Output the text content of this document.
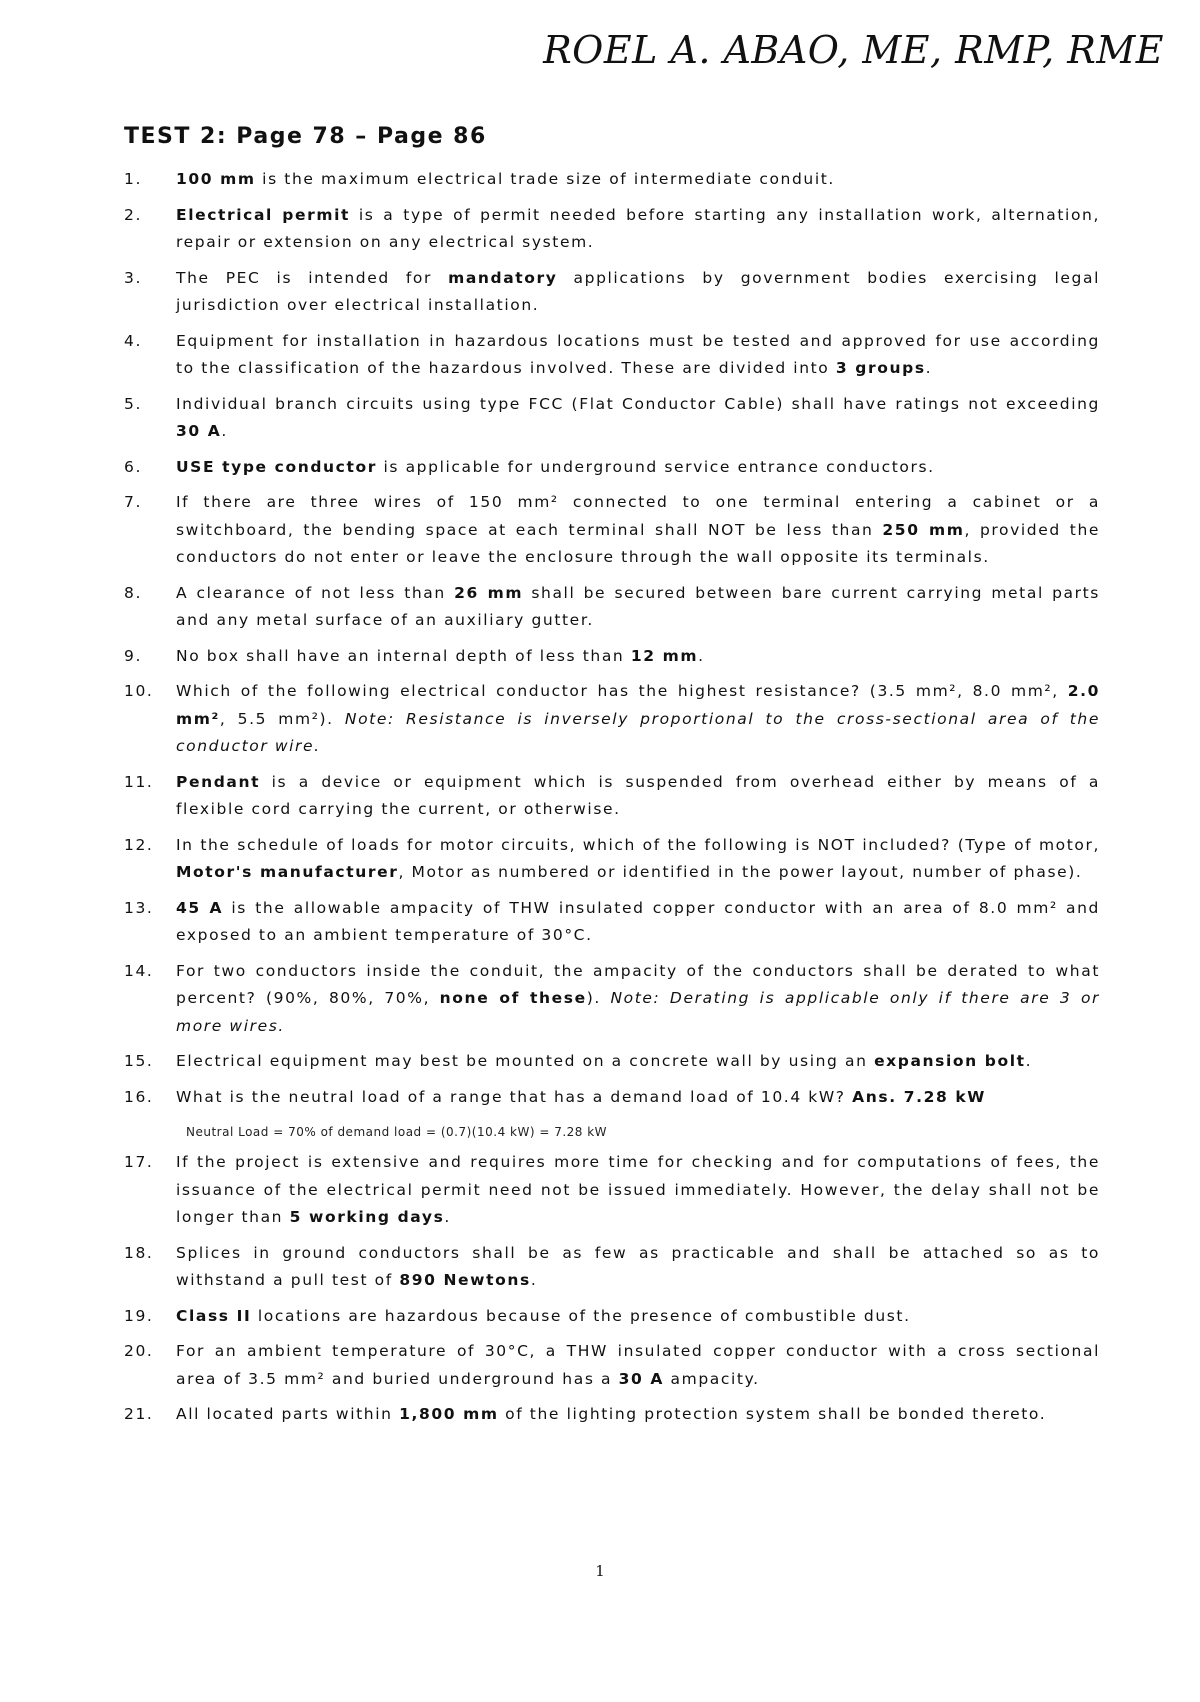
ROEL A. ABAO, ME, RMP, RME
TEST 2: Page 78 – Page 86
1.	100 mm is the maximum electrical trade size of intermediate conduit.
2.	Electrical permit is a type of permit needed before starting any installation work, alternation, repair or extension on any electrical system.
3.	The PEC is intended for mandatory applications by government bodies exercising legal jurisdiction over electrical installation.
4.	Equipment for installation in hazardous locations must be tested and approved for use according to the classification of the hazardous involved. These are divided into 3 groups.
5.	Individual branch circuits using type FCC (Flat Conductor Cable) shall have ratings not exceeding 30 A.
6.	USE type conductor is applicable for underground service entrance conductors.
7.	If there are three wires of 150 mm² connected to one terminal entering a cabinet or a switchboard, the bending space at each terminal shall NOT be less than 250 mm, provided the conductors do not enter or leave the enclosure through the wall opposite its terminals.
8.	A clearance of not less than 26 mm shall be secured between bare current carrying metal parts and any metal surface of an auxiliary gutter.
9.	No box shall have an internal depth of less than 12 mm.
10.	Which of the following electrical conductor has the highest resistance? (3.5 mm², 8.0 mm², 2.0 mm², 5.5 mm²). Note: Resistance is inversely proportional to the cross-sectional area of the conductor wire.
11.	Pendant is a device or equipment which is suspended from overhead either by means of a flexible cord carrying the current, or otherwise.
12.	In the schedule of loads for motor circuits, which of the following is NOT included? (Type of motor, Motor's manufacturer, Motor as numbered or identified in the power layout, number of phase).
13.	45 A is the allowable ampacity of THW insulated copper conductor with an area of 8.0 mm² and exposed to an ambient temperature of 30°C.
14.	For two conductors inside the conduit, the ampacity of the conductors shall be derated to what percent? (90%, 80%, 70%, none of these). Note: Derating is applicable only if there are 3 or more wires.
15.	Electrical equipment may best be mounted on a concrete wall by using an expansion bolt.
16.	What is the neutral load of a range that has a demand load of 10.4 kW? Ans. 7.28 kW
Neutral Load = 70% of demand load = (0.7)(10.4 kW) = 7.28 kW
17.	If the project is extensive and requires more time for checking and for computations of fees, the issuance of the electrical permit need not be issued immediately. However, the delay shall not be longer than 5 working days.
18.	Splices in ground conductors shall be as few as practicable and shall be attached so as to withstand a pull test of 890 Newtons.
19.	Class II locations are hazardous because of the presence of combustible dust.
20.	For an ambient temperature of 30°C, a THW insulated copper conductor with a cross sectional area of 3.5 mm² and buried underground has a 30 A ampacity.
21.	All located parts within 1,800 mm of the lighting protection system shall be bonded thereto.
1
